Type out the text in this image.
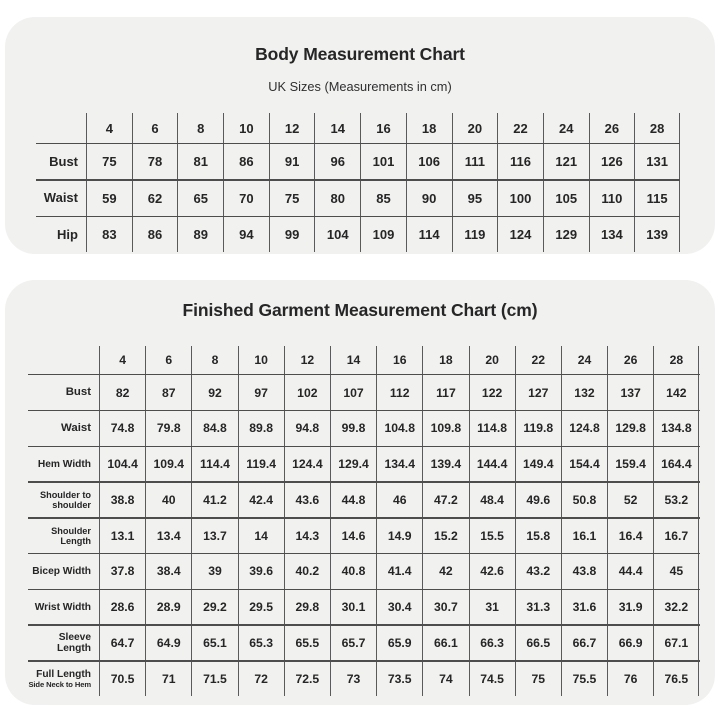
Body Measurement Chart
UK Sizes (Measurements in cm)
4	6	8	10	12	14	16	18	20	22	24	26	28
Bust	75	78	81	86	91	96	101	106	111	116	121	126	131
Waist	59	62	65	70	75	80	85	90	95	100	105	110	115
Hip	83	86	89	94	99	104	109	114	119	124	129	134	139
Finished Garment Measurement Chart (cm)
4	6	8	10	12	14	16	18	20	22	24	26	28
Bust	82	87	92	97	102	107	112	117	122	127	132	137	142
Waist	74.8	79.8	84.8	89.8	94.8	99.8	104.8	109.8	114.8	119.8	124.8	129.8	134.8
Hem Width	104.4	109.4	114.4	119.4	124.4	129.4	134.4	139.4	144.4	149.4	154.4	159.4	164.4
Shoulder to shoulder	38.8	40	41.2	42.4	43.6	44.8	46	47.2	48.4	49.6	50.8	52	53.2
Shoulder Length	13.1	13.4	13.7	14	14.3	14.6	14.9	15.2	15.5	15.8	16.1	16.4	16.7
Bicep Width	37.8	38.4	39	39.6	40.2	40.8	41.4	42	42.6	43.2	43.8	44.4	45
Wrist Width	28.6	28.9	29.2	29.5	29.8	30.1	30.4	30.7	31	31.3	31.6	31.9	32.2
Sleeve Length	64.7	64.9	65.1	65.3	65.5	65.7	65.9	66.1	66.3	66.5	66.7	66.9	67.1
Full Length
Side Neck to Hem	70.5	71	71.5	72	72.5	73	73.5	74	74.5	75	75.5	76	76.5
